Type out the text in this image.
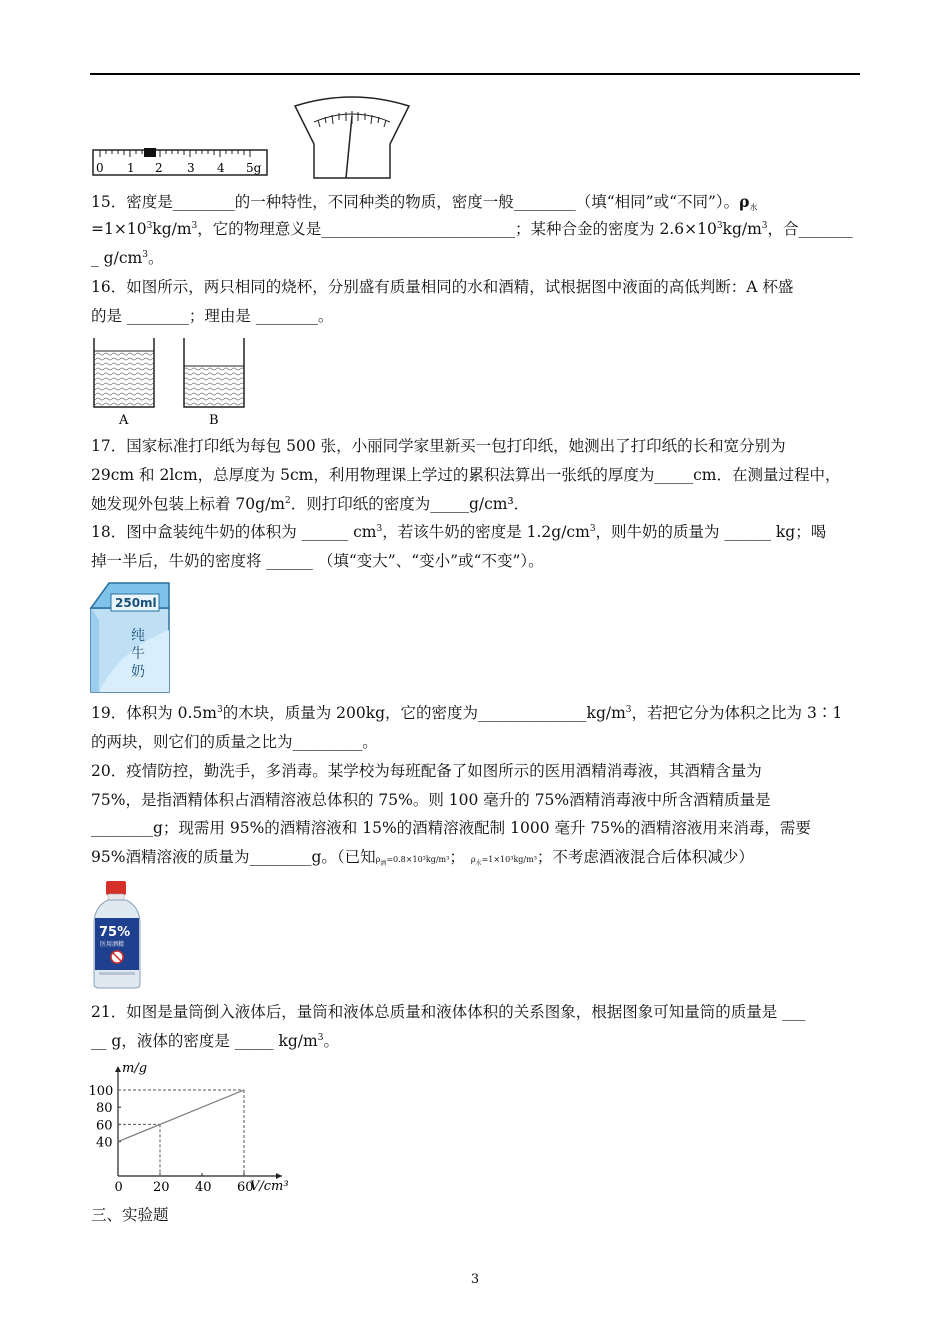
0 1 2 3 4 5g
15．密度是________的一种特性，不同种类的物质，密度一般________（填“相同”或“不同”）。$\rho_水$
$=1\times 10^3kg/m^3$，它的物理意义是_________________________；某种合金的密度为 $2.6\times 10^3kg/m^3$，合_______
_ $g/cm^3$。
16．如图所示，两只相同的烧杯，分别盛有质量相同的水和酒精，试根据图中液面的高低判断：A 杯盛
的是 ________；理由是 ________。
A	B
17．国家标准打印纸为每包 500 张，小丽同学家里新买一包打印纸，她测出了打印纸的长和宽分别为
29cm 和 2lcm，总厚度为 5cm，利用物理课上学过的累积法算出一张纸的厚度为_____cm．在测量过程中，
她发现外包装上标着 $70g/m^2$．则打印纸的密度为_____g/cm³．
18．图中盒装纯牛奶的体积为 ______ $cm^3$，若该牛奶的密度是 $1.2g/cm^3$，则牛奶的质量为 ______ kg；喝
掉一半后，牛奶的密度将 ______ （填“变大”、“变小”或“不变”）。
250ml
纯
牛
奶
19．体积为 $0.5m^3$的木块，质量为 200kg，它的密度为$\_\_\_\_\_\_\_\_\_\_\_\_\_\_kg/m^3$，若把它分为体积之比为 3∶1
的两块，则它们的质量之比为_________。
20．疫情防控，勤洗手，多消毒。某学校为每班配备了如图所示的医用酒精消毒液，其酒精含量为
75%，是指酒精体积占酒精溶液总体积的 75%。则 100 毫升的 75%酒精消毒液中所含酒精质量是
________g；现需用 95%的酒精溶液和 15%的酒精溶液配制 1000 毫升 75%的酒精溶液用来消毒，需要
95%酒精溶液的质量为________g。（已知$\rho_酒=0.8\times 10^3kg/m^3$； $\rho_水=1\times 10^3kg/m^3$；不考虑酒液混合后体积减少）
75%
医用酒精
21．如图是量筒倒入液体后，量筒和液体总质量和液体体积的关系图象，根据图象可知量筒的质量是 ___
__ g，液体的密度是 _____ $kg/m^3$。
0 20 40 60
40
60
80
100
m/g
V/cm³
三、实验题
3
